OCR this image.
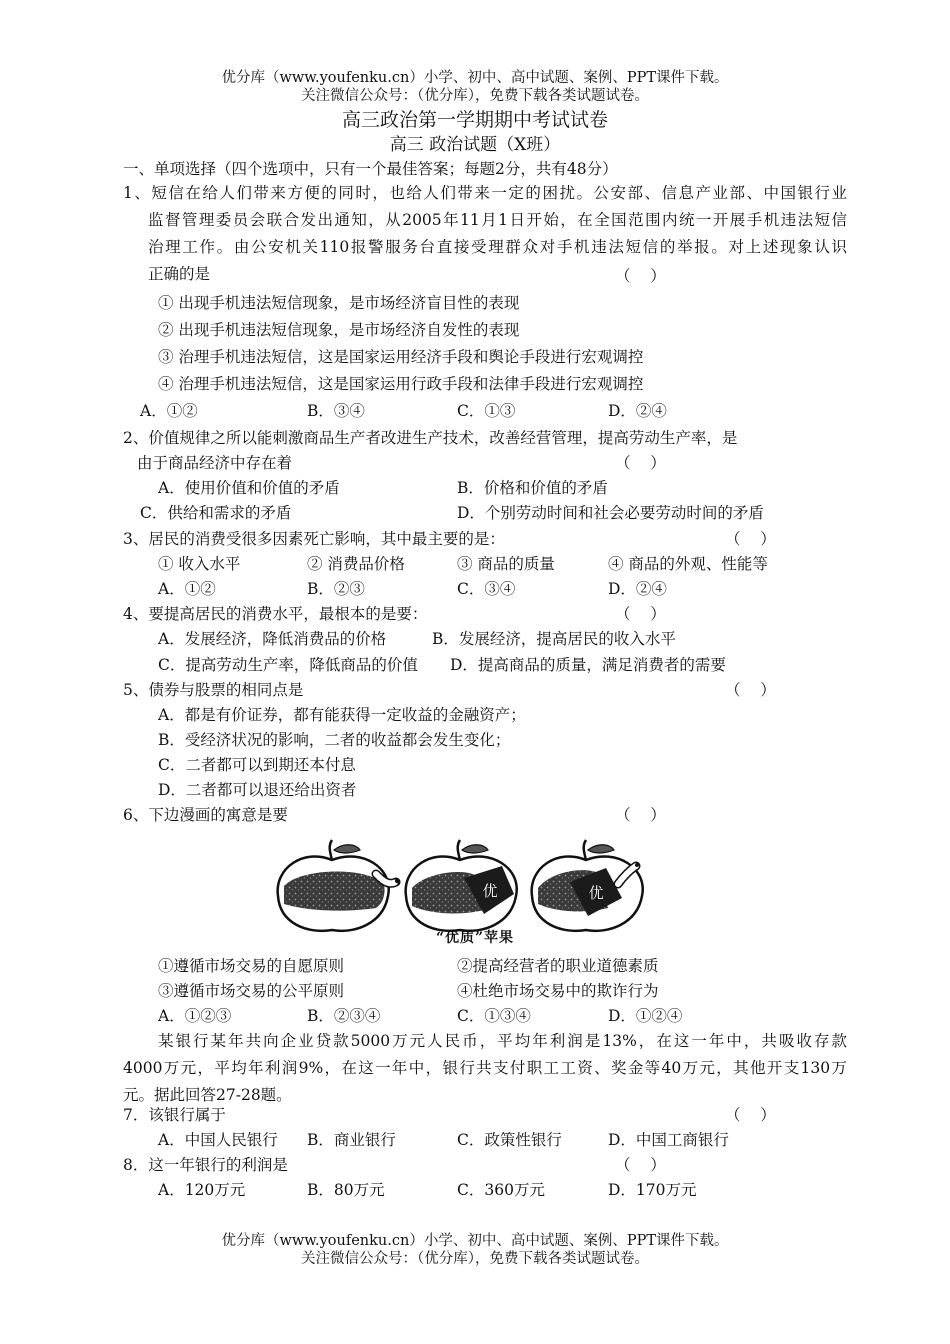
优分库（www.youfenku.cn）小学、初中、高中试题、案例、PPT课件下载。
关注微信公众号：（优分库），免费下载各类试题试卷。
高三政治第一学期期中考试试卷
高三 政治试题（X班）
一、单项选择（四个选项中，只有一个最佳答案；每题2分，共有48分）
1、短信在给人们带来方便的同时，也给人们带来一定的困扰。公安部、信息产业部、中国银行业
监督管理委员会联合发出通知，从2005年11月1日开始，在全国范围内统一开展手机违法短信
治理工作。由公安机关110报警服务台直接受理群众对手机违法短信的举报。对上述现象认识
正确的是	（    ）
① 出现手机违法短信现象，是市场经济盲目性的表现
② 出现手机违法短信现象，是市场经济自发性的表现
③ 治理手机违法短信，这是国家运用经济手段和舆论手段进行宏观调控
④ 治理手机违法短信，这是国家运用行政手段和法律手段进行宏观调控
A．①②	B．③④	C．①③	D．②④
2、价值规律之所以能刺激商品生产者改进生产技术，改善经营管理，提高劳动生产率，是
由于商品经济中存在着	（    ）
A．使用价值和价值的矛盾	B．价格和价值的矛盾
C．供给和需求的矛盾	D．个别劳动时间和社会必要劳动时间的矛盾
3、居民的消费受很多因素死亡影响，其中最主要的是：	（    ）
① 收入水平	② 消费品价格	③ 商品的质量	④ 商品的外观、性能等
A．①②	B．②③	C．③④	D．②④
4、要提高居民的消费水平，最根本的是要：	（    ）
A．发展经济，降低消费品的价格	B．发展经济，提高居民的收入水平
C．提高劳动生产率，降低商品的价值 D．提高商品的质量，满足消费者的需要
5、债券与股票的相同点是	（    ）
A．都是有价证券，都有能获得一定收益的金融资产；
B．受经济状况的影响，二者的收益都会发生变化；
C．二者都可以到期还本付息
D．二者都可以退还给出资者
6、下边漫画的寓意是要	（    ）
优	优
“优质”苹果
①遵循市场交易的自愿原则	②提高经营者的职业道德素质
③遵循市场交易的公平原则	④杜绝市场交易中的欺诈行为
A．①②③	B．②③④	C．①③④	D．①②④
某银行某年共向企业贷款5000万元人民币，平均年利润是13%，在这一年中，共吸收存款
4000万元，平均年利润9%，在这一年中，银行共支付职工工资、奖金等40万元，其他开支130万
元。据此回答27-28题。
7．该银行属于	（    ）
A．中国人民银行 B．商业银行	C．政策性银行	D．中国工商银行
8．这一年银行的利润是	（    ）
A．120万元	B．80万元	C．360万元	D．170万元
优分库（www.youfenku.cn）小学、初中、高中试题、案例、PPT课件下载。
关注微信公众号：（优分库），免费下载各类试题试卷。
